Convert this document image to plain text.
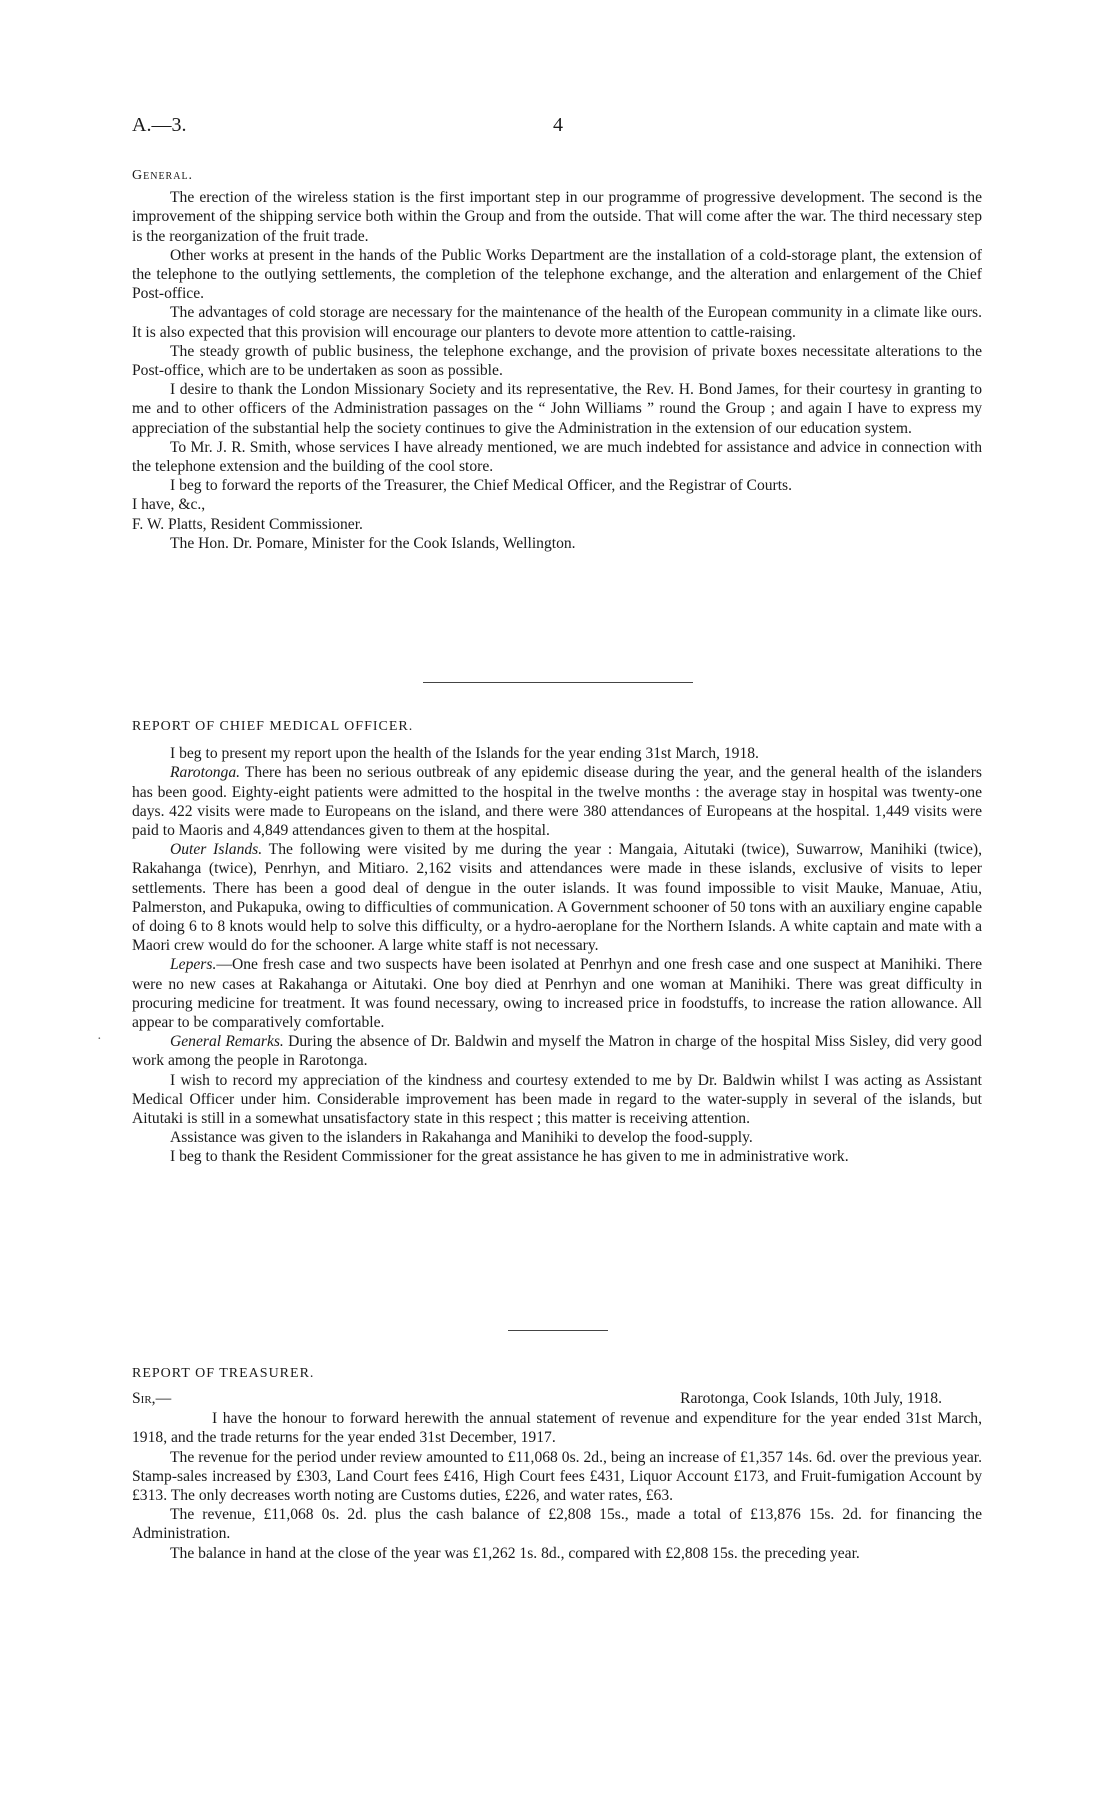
A.—3.	4

General.

The erection of the wireless station is the first important step in our programme of progressive development. The second is the improvement of the shipping service both within the Group and from the outside. That will come after the war. The third necessary step is the reorganization of the fruit trade.

Other works at present in the hands of the Public Works Department are the installation of a cold-storage plant, the extension of the telephone to the outlying settlements, the completion of the telephone exchange, and the alteration and enlargement of the Chief Post-office.

The advantages of cold storage are necessary for the maintenance of the health of the European community in a climate like ours. It is also expected that this provision will encourage our planters to devote more attention to cattle-raising.

The steady growth of public business, the telephone exchange, and the provision of private boxes necessitate alterations to the Post-office, which are to be undertaken as soon as possible.

I desire to thank the London Missionary Society and its representative, the Rev. H. Bond James, for their courtesy in granting to me and to other officers of the Administration passages on the “ John Williams ” round the Group ; and again I have to express my appreciation of the substantial help the society continues to give the Administration in the extension of our education system.

To Mr. J. R. Smith, whose services I have already mentioned, we are much indebted for assistance and advice in connection with the telephone extension and the building of the cool store.

I beg to forward the reports of the Treasurer, the Chief Medical Officer, and the Registrar of Courts.

I have, &c.,

F. W. Platts, Resident Commissioner.

The Hon. Dr. Pomare, Minister for the Cook Islands, Wellington.

REPORT OF CHIEF MEDICAL OFFICER.

I beg to present my report upon the health of the Islands for the year ending 31st March, 1918.

Rarotonga. There has been no serious outbreak of any epidemic disease during the year, and the general health of the islanders has been good. Eighty-eight patients were admitted to the hospital in the twelve months : the average stay in hospital was twenty-one days. 422 visits were made to Europeans on the island, and there were 380 attendances of Europeans at the hospital. 1,449 visits were paid to Maoris and 4,849 attendances given to them at the hospital.

Outer Islands. The following were visited by me during the year : Mangaia, Aitutaki (twice), Suwarrow, Manihiki (twice), Rakahanga (twice), Penrhyn, and Mitiaro. 2,162 visits and attendances were made in these islands, exclusive of visits to leper settlements. There has been a good deal of dengue in the outer islands. It was found impossible to visit Mauke, Manuae, Atiu, Palmerston, and Pukapuka, owing to difficulties of communication. A Government schooner of 50 tons with an auxiliary engine capable of doing 6 to 8 knots would help to solve this difficulty, or a hydro-aeroplane for the Northern Islands. A white captain and mate with a Maori crew would do for the schooner. A large white staff is not necessary.

Lepers.—One fresh case and two suspects have been isolated at Penrhyn and one fresh case and one suspect at Manihiki. There were no new cases at Rakahanga or Aitutaki. One boy died at Penrhyn and one woman at Manihiki. There was great difficulty in procuring medicine for treatment. It was found necessary, owing to increased price in foodstuffs, to increase the ration allowance. All appear to be comparatively comfortable.

General Remarks. During the absence of Dr. Baldwin and myself the Matron in charge of the hospital Miss Sisley, did very good work among the people in Rarotonga.

I wish to record my appreciation of the kindness and courtesy extended to me by Dr. Baldwin whilst I was acting as Assistant Medical Officer under him. Considerable improvement has been made in regard to the water-supply in several of the islands, but Aitutaki is still in a somewhat unsatisfactory state in this respect ; this matter is receiving attention.

Assistance was given to the islanders in Rakahanga and Manihiki to develop the food-supply.

I beg to thank the Resident Commissioner for the great assistance he has given to me in administrative work.

REPORT OF TREASURER.

Sir,—	Rarotonga, Cook Islands, 10th July, 1918.

I have the honour to forward herewith the annual statement of revenue and expenditure for the year ended 31st March, 1918, and the trade returns for the year ended 31st December, 1917.

The revenue for the period under review amounted to £11,068 0s. 2d., being an increase of £1,357 14s. 6d. over the previous year. Stamp-sales increased by £303, Land Court fees £416, High Court fees £431, Liquor Account £173, and Fruit-fumigation Account by £313. The only decreases worth noting are Customs duties, £226, and water rates, £63.

The revenue, £11,068 0s. 2d. plus the cash balance of £2,808 15s., made a total of £13,876 15s. 2d. for financing the Administration.

The balance in hand at the close of the year was £1,262 1s. 8d., compared with £2,808 15s. the preceding year.

·
